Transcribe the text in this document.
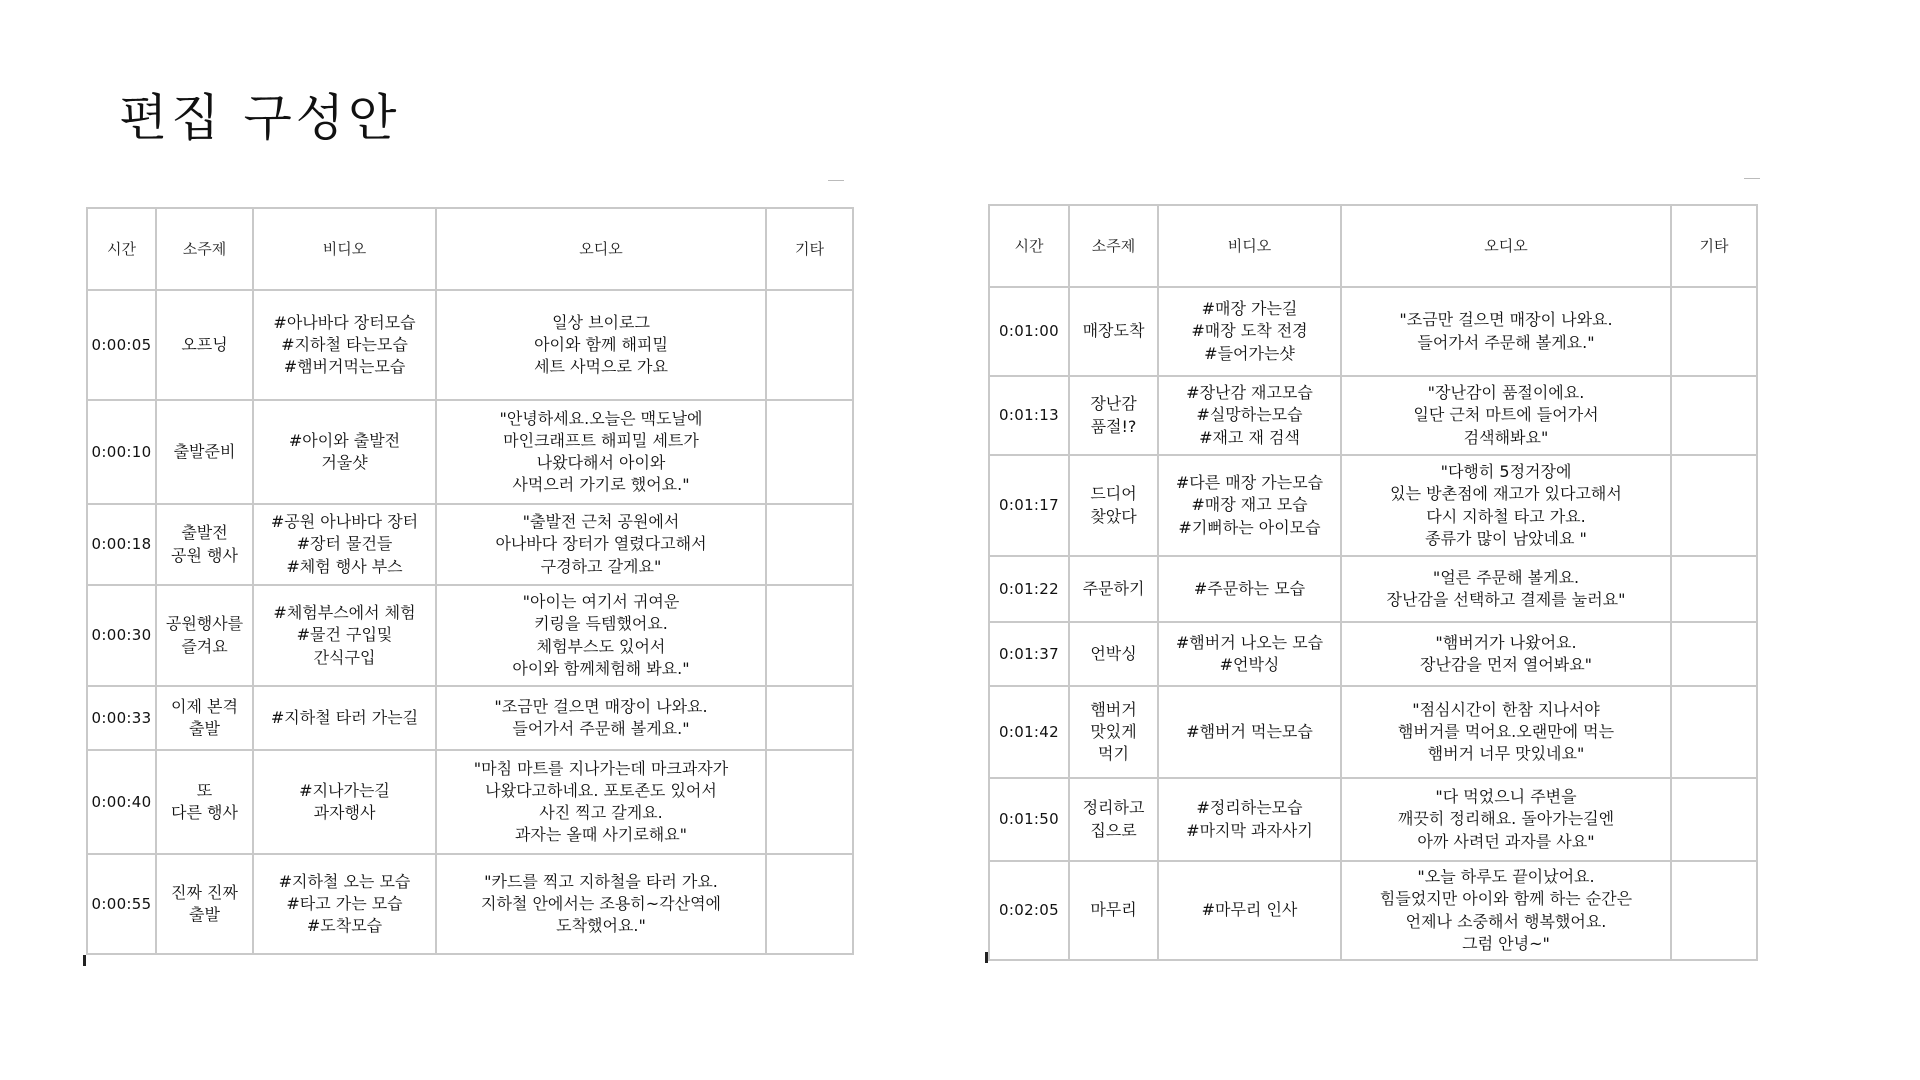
편집 구성안
시간	소주제	비디오	오디오	기타
0:00:05	오프닝	#아나바다 장터모습
#지하철 타는모습
#햄버거먹는모습	일상 브이로그
아이와 함께 해피밀
세트 사먹으로 가요	
0:00:10	출발준비	#아이와 출발전
거울샷	"안녕하세요.오늘은 맥도날에
마인크래프트 해피밀 세트가
나왔다해서 아이와
사먹으러 가기로 했어요."	
0:00:18	출발전
공원 행사	#공원 아나바다 장터
#장터 물건들
#체험 행사 부스	"출발전 근처 공원에서
아나바다 장터가 열렸다고해서
구경하고 갈게요"	
0:00:30	공원행사를
즐겨요	#체험부스에서 체험
#물건 구입및
간식구입	"아이는 여기서 귀여운
키링을 득템했어요.
체험부스도 있어서
아이와 함께체험해 봐요."	
0:00:33	이제 본격
출발	#지하철 타러 가는길	"조금만 걸으면 매장이 나와요.
들어가서 주문해 볼게요."	
0:00:40	또
다른 행사	#지나가는길
과자행사	"마침 마트를 지나가는데 마크과자가
나왔다고하네요. 포토존도 있어서
사진 찍고 갈게요.
과자는 올때 사기로해요"	
0:00:55	진짜 진짜
출발	#지하철 오는 모습
#타고 가는 모습
#도착모습	"카드를 찍고 지하철을 타러 가요.
지하철 안에서는 조용히~각산역에
도착했어요."	
시간	소주제	비디오	오디오	기타
0:01:00	매장도착	#매장 가는길
#매장 도착 전경
#들어가는샷	"조금만 걸으면 매장이 나와요.
들어가서 주문해 볼게요."	
0:01:13	장난감
품절!?	#장난감 재고모습
#실망하는모습
#재고 재 검색	"장난감이 품절이에요.
일단 근처 마트에 들어가서
검색해봐요"	
0:01:17	드디어
찾았다	#다른 매장 가는모습
#매장 재고 모습
#기뻐하는 아이모습	"다행히 5정거장에
있는 방촌점에 재고가 있다고해서
다시 지하철 타고 가요.
종류가 많이 남았네요 "	
0:01:22	주문하기	#주문하는 모습	"얼른 주문해 볼게요.
장난감을 선택하고 결제를 눌러요"	
0:01:37	언박싱	#햄버거 나오는 모습
#언박싱	"햄버거가 나왔어요.
장난감을 먼저 열어봐요"	
0:01:42	햄버거
맛있게
먹기	#햄버거 먹는모습	"점심시간이 한참 지나서야
햄버거를 먹어요.오랜만에 먹는
햄버거 너무 맛있네요"	
0:01:50	정리하고
집으로	#정리하는모습
#마지막 과자사기	"다 먹었으니 주변을
깨끗히 정리해요. 돌아가는길엔
아까 사려던 과자를 사요"	
0:02:05	마무리	#마무리 인사	"오늘 하루도 끝이났어요.
힘들었지만 아이와 함께 하는 순간은
언제나 소중해서 행복했어요.
그럼 안녕~"	
